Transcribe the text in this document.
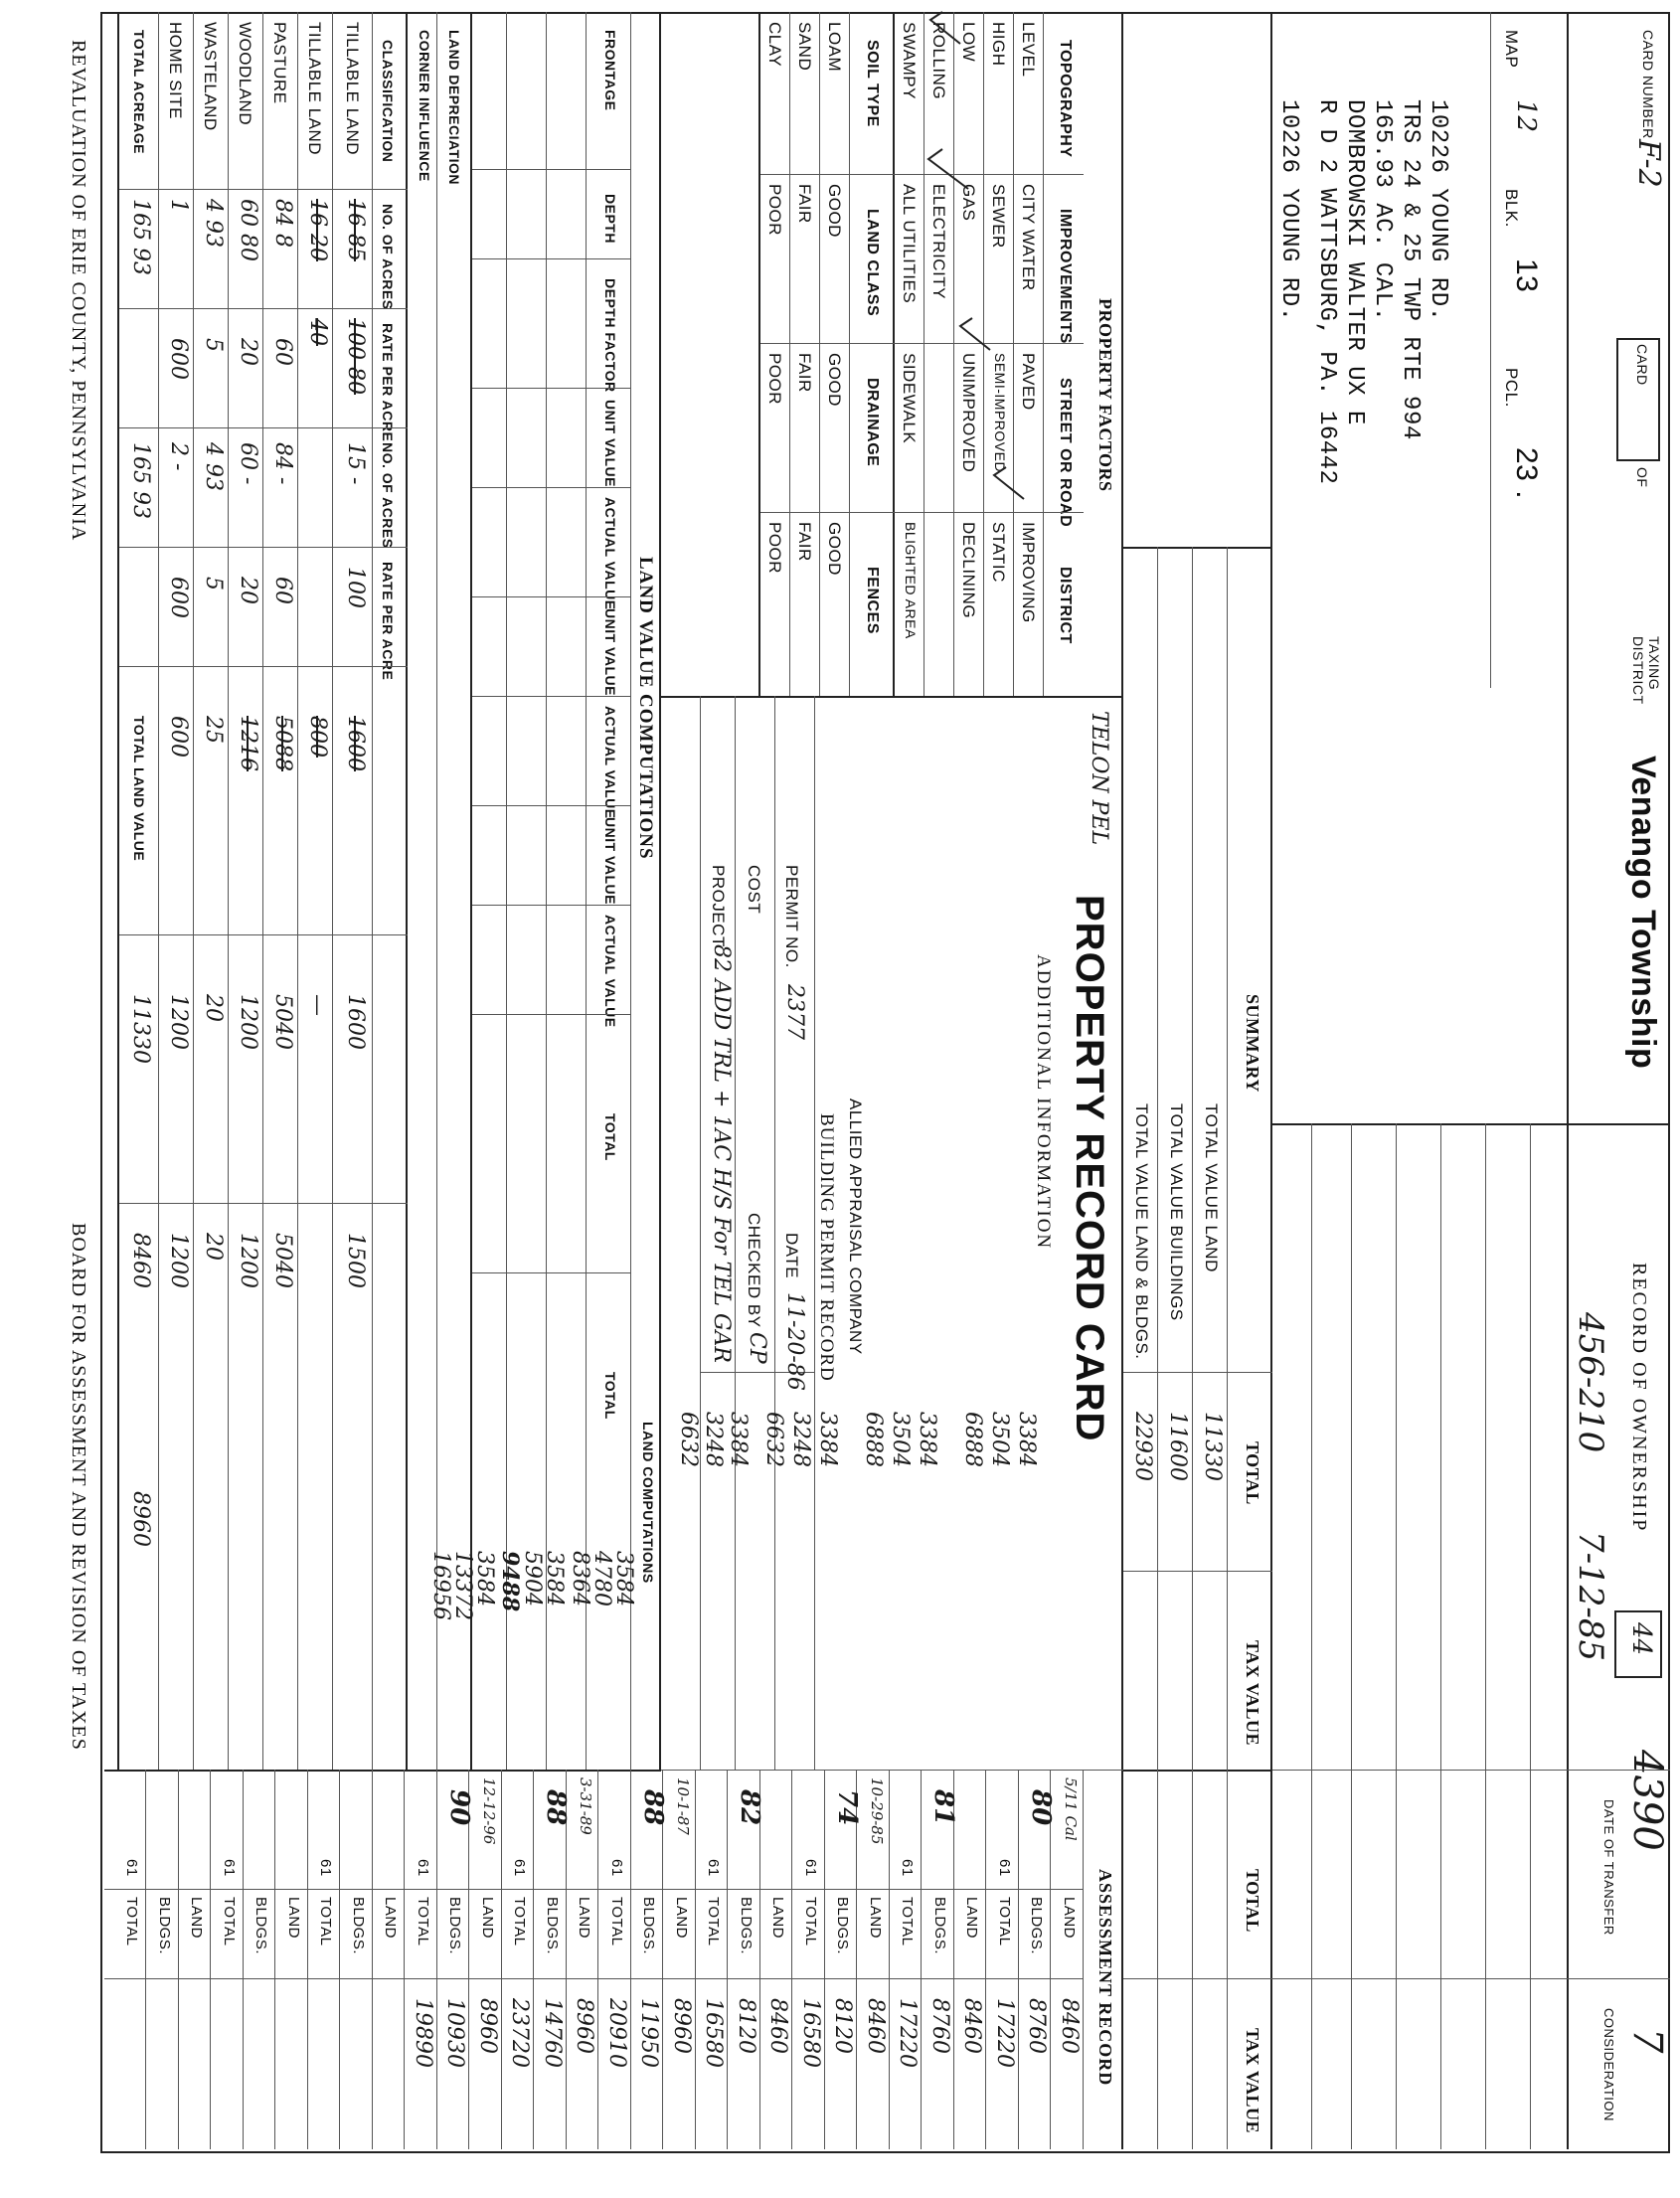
CARD NUMBER
F-2
CARD
OF
TAXING DISTRICT
Venango Township
RECORD OF OWNERSHIP
44
4390
7
MAP
12
BLK.
13
PCL.
23 .
10226 YOUNG RD.
TRS 24 & 25 TWP RTE 994
165.93 AC. CAL.
DOMBROWSKI WALTER UX E
R D 2 WATTSBURG, PA. 16442
10226 YOUNG RD.
DATE OF TRANSFER
CONSIDERATION
456-210
7-12-85
SUMMARY
TOTAL
TAX VALUE
TOTAL
TAX VALUE
TOTAL VALUE LAND
TOTAL VALUE BUILDINGS
TOTAL VALUE LAND & BLDGS.
11330
11600
22930
PROPERTY FACTORS
TOPOGRAPHY
IMPROVEMENTS
STREET OR ROAD
DISTRICT
LEVEL
HIGH
LOW
ROLLING
SWAMPY
CITY WATER
SEWER
GAS
ELECTRICITY
ALL UTILITIES
PAVED
SEMI-IMPROVED
UNIMPROVED
SIDEWALK
IMPROVING
STATIC
DECLINING
BLIGHTED AREA
SOIL TYPE
LAND CLASS
DRAINAGE
FENCES
LOAM
SAND
CLAY
GOOD
FAIR
POOR
GOOD
FAIR
POOR
GOOD
FAIR
POOR
TELON PEL
PROPERTY RECORD CARD
ADDITIONAL INFORMATION
ALLIED APPRAISAL COMPANY
BUILDING PERMIT RECORD
PERMIT NO.
2377
DATE
11-20-86
COST
CHECKED BY
CP
PROJECT
82 ADD TRL + 1AC H/S For TEL GAR
3384
3504
6888
3384
3504
6888
3384
3248
6632
3384
3248
6632
LAND VALUE COMPUTATIONS
FRONTAGE
DEPTH
DEPTH FACTOR
UNIT VALUE
ACTUAL VALUE
UNIT VALUE
ACTUAL VALUE
UNIT VALUE
ACTUAL VALUE
TOTAL
TOTAL
LAND DEPRECIATION
CORNER INFLUENCE
CLASSIFICATION
NO. OF ACRES
RATE PER ACRE
NO. OF ACRES
RATE PER ACRE
TILLABLE LAND
16 85
100 80
15 -
100
1600
1600
1500
TILLABLE LAND
16 20
40
800
—
PASTURE
84 8
60
84 -
60
5088
5040
5040
WOODLAND
60 80
20
60 -
20
1216
1200
1200
WASTELAND
4 93
5
4 93
5
25
20
20
HOME SITE
1
600
2 -
600
600
1200
1200
TOTAL ACREAGE
165 93
165 93
TOTAL LAND VALUE
11330
8460
8960	LAND COMPUTATIONS
3584
4780
8364
3584
5904
9488
3584
13372
16956
ASSESSMENT RECORD
LAND
8460
BLDGS.
8760
TOTAL
61
17220
80 5/11 Cal
LAND
8460
BLDGS.
8760
TOTAL
61
17220
81
LAND
8460
BLDGS.
8120
TOTAL
61
16580
74 10-29-85
LAND
8460
BLDGS.
8120
TOTAL
61
16580
82
LAND
8960
BLDGS.
11950
TOTAL
61
20910
88 10-1-87
LAND
8960
BLDGS.
14760
TOTAL
61
23720
88 3-31-89
LAND
8960
BLDGS.
10930
TOTAL
61
19890
90 12-12-96
LAND
BLDGS.
TOTAL
61
LAND
BLDGS.
TOTAL
61
LAND
BLDGS.
TOTAL
61
REVALUATION OF ERIE COUNTY, PENNSYLVANIA
BOARD FOR ASSESSMENT AND REVISION OF TAXES
